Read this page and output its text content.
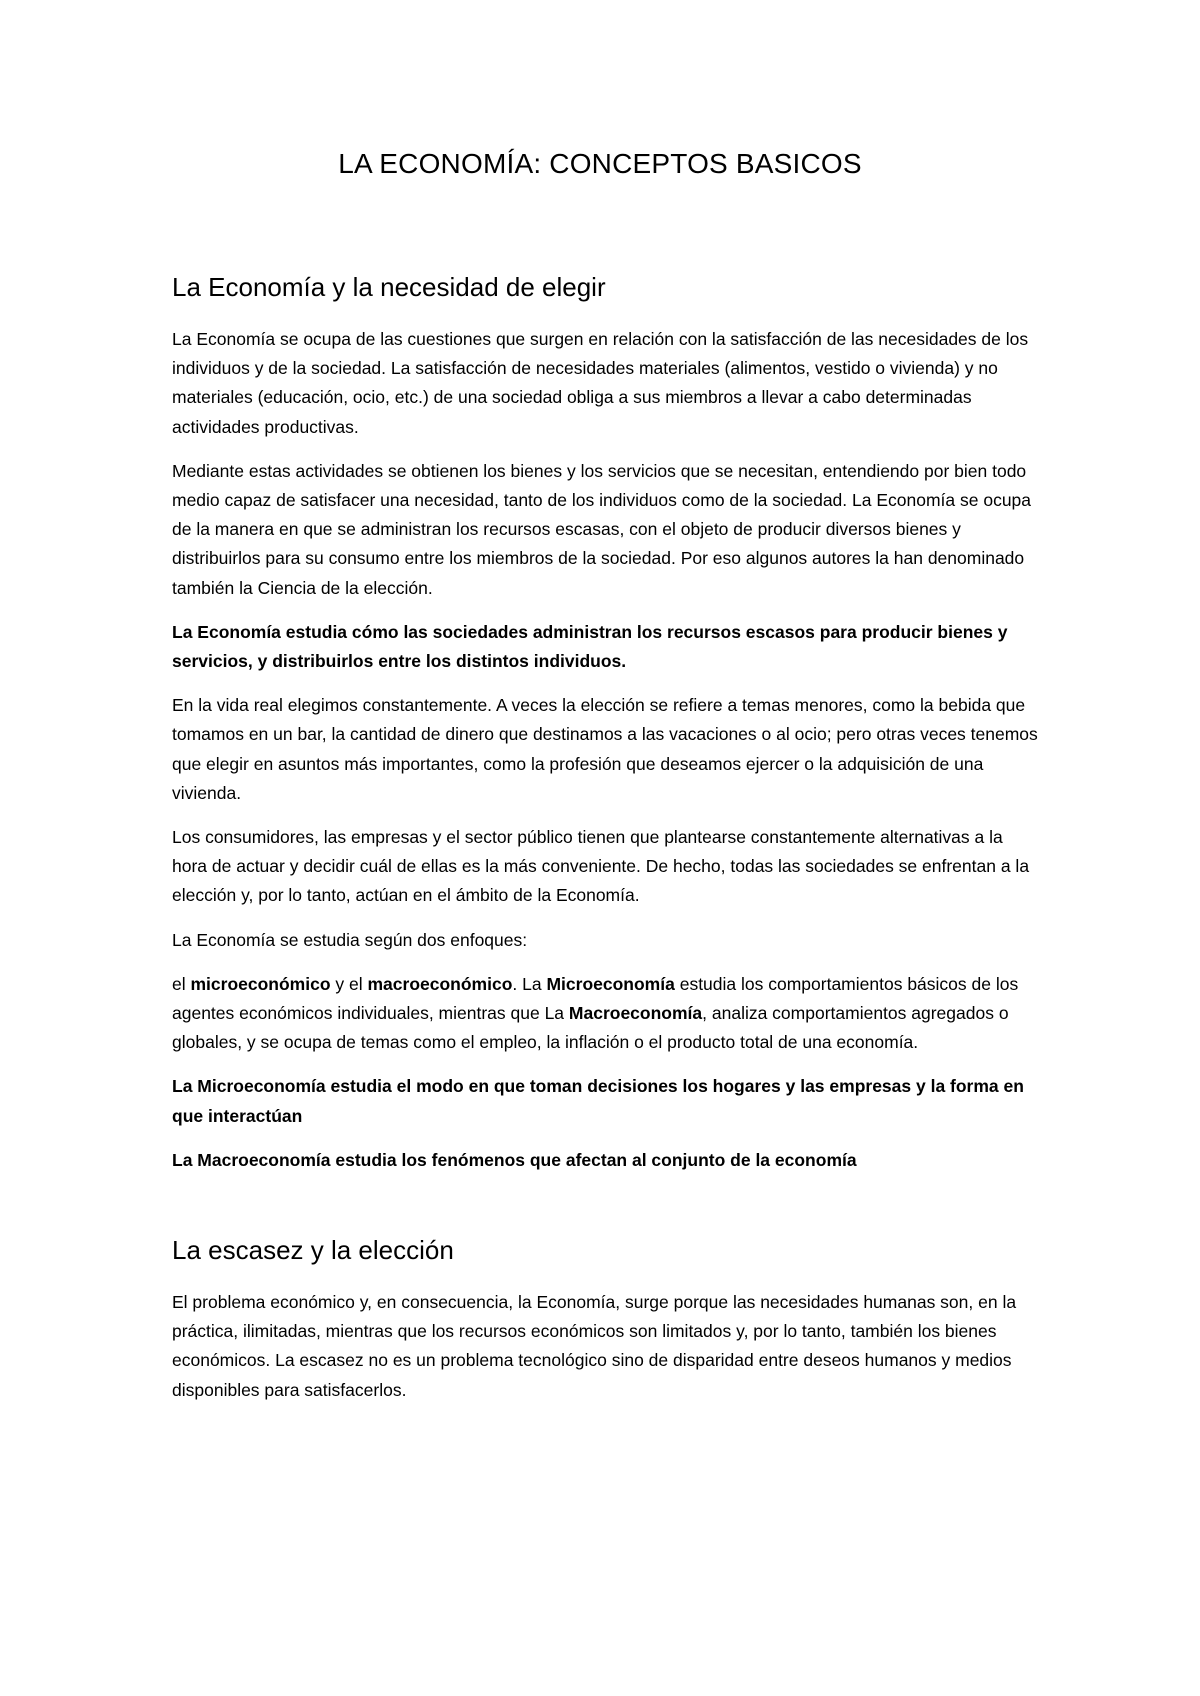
LA ECONOMÍA: CONCEPTOS BASICOS
La Economía y la necesidad de elegir

La Economía se ocupa de las cuestiones que surgen en relación con la satisfacción de las necesidades de los individuos y de la sociedad. La satisfacción de necesidades materiales (alimentos, vestido o vivienda) y no materiales (educación, ocio, etc.) de una sociedad obliga a sus miembros a llevar a cabo determinadas actividades productivas.

Mediante estas actividades se obtienen los bienes y los servicios que se necesitan, entendiendo por bien todo medio capaz de satisfacer una necesidad, tanto de los individuos como de la sociedad. La Economía se ocupa de la manera en que se administran los recursos escasas, con el objeto de producir diversos bienes y distribuirlos para su consumo entre los miembros de la sociedad. Por eso algunos autores la han denominado también la Ciencia de la elección.

La Economía estudia cómo las sociedades administran los recursos escasos para producir bienes y servicios, y distribuirlos entre los distintos individuos.

En la vida real elegimos constantemente. A veces la elección se refiere a temas menores, como la bebida que tomamos en un bar, la cantidad de dinero que destinamos a las vacaciones o al ocio; pero otras veces tenemos que elegir en asuntos más importantes, como la profesión que deseamos ejercer o la adquisición de una vivienda.

Los consumidores, las empresas y el sector público tienen que plantearse constantemente alternativas a la hora de actuar y decidir cuál de ellas es la más conveniente. De hecho, todas las sociedades se enfrentan a la elección y, por lo tanto, actúan en el ámbito de la Economía.

La Economía se estudia según dos enfoques:

el microeconómico y el macroeconómico. La Microeconomía estudia los comportamientos básicos de los agentes económicos individuales, mientras que La Macroeconomía, analiza comportamientos agregados o globales, y se ocupa de temas como el empleo, la inflación o el producto total de una economía.

La Microeconomía estudia el modo en que toman decisiones los hogares y las empresas y la forma en que interactúan

La Macroeconomía estudia los fenómenos que afectan al conjunto de la economía

La escasez y la elección

El problema económico y, en consecuencia, la Economía, surge porque las necesidades humanas son, en la práctica, ilimitadas, mientras que los recursos económicos son limitados y, por lo tanto, también los bienes económicos. La escasez no es un problema tecnológico sino de disparidad entre deseos humanos y medios disponibles para satisfacerlos.
